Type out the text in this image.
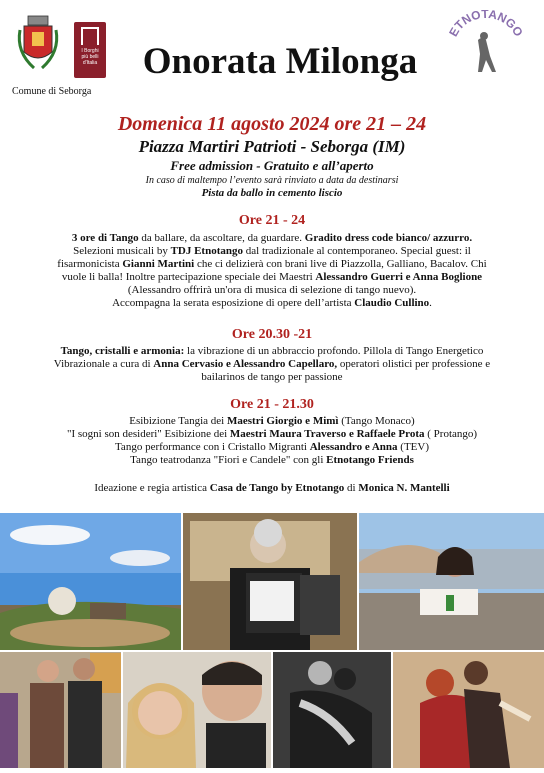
I Borghi
più belli
d'Italia
Comune di Seborga
Onorata Milonga
TNOTANG
Domenica 11 agosto 2024 ore 21 – 24
Piazza Martiri Patrioti - Seborga (IM)
Free admission - Gratuito e all’aperto
In caso di maltempo l’evento sarà rinviato a data da destinarsi
Pista da ballo in cemento liscio
Ore 21 - 24
3 ore di Tango da ballare, da ascoltare, da guardare. Gradito dress code bianco/ azzurro.
Selezioni musicali by TDJ Etnotango dal tradizionale al contemporaneo. Special guest: il
fisarmonicista Gianni Martini che ci delizierà con brani live di Piazzolla, Galliano, Bacalov. Chi
vuole li balla! Inoltre partecipazione speciale dei Maestri Alessandro Guerri e Anna Boglione
(Alessandro offrirà un'ora di musica di selezione di tango nuevo).
Accompagna la serata esposizione di opere dell’artista Claudio Cullino.
Ore 20.30 -21
Tango, cristalli e armonia: la vibrazione di un abbraccio profondo. Pillola di Tango Energetico
Vibrazionale a cura di Anna Cervasio e Alessandro Capellaro, operatori olistici per professione e
bailarinos de tango per passione
Ore 21 - 21.30
Esibizione Tangia dei Maestri Giorgio e Mimì (Tango Monaco)
"I sogni son desideri" Esibizione dei Maestri Maura Traverso e Raffaele Prota ( Protango)
Tango performance con i Cristallo Migranti Alessandro e Anna (TEV)
Tango teatrodanza "Fiori e Candele" con gli Etnotango Friends
Ideazione e regia artistica Casa de Tango by Etnotango di Monica N. Mantelli
